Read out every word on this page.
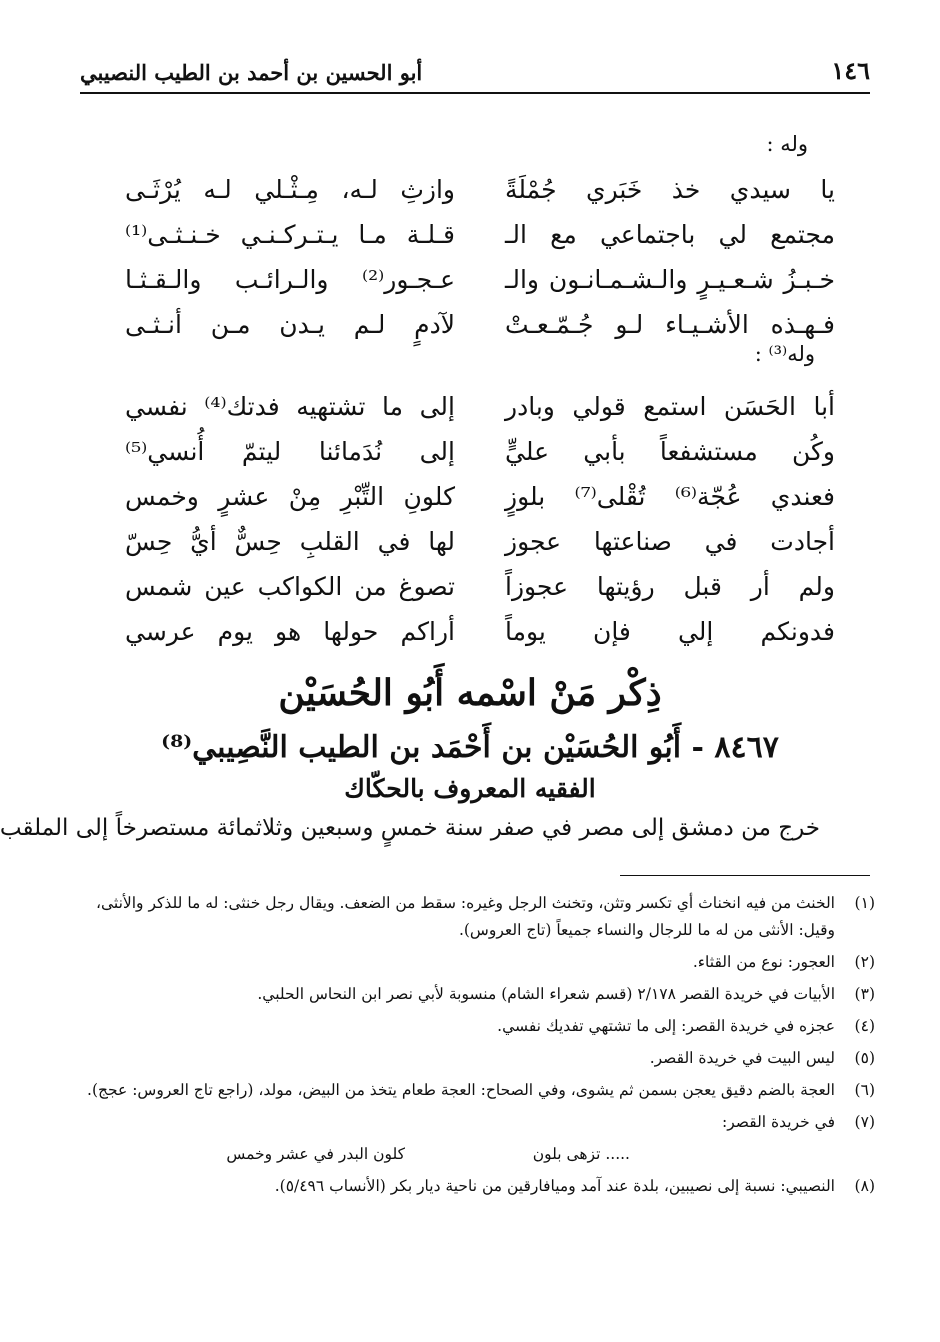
١٤٦
أبو الحسين بن أحمد بن الطيب النصيبي
وله :
يا سيدي خذ خَبَري جُمْلَةً
وازثِ لـه، مِـثْـلي لـه يُرْثَـى
مجتمع لي باجتماعي مع الـ
قـلـة مـا يـتـركـنـي خـنـثـى⁽¹⁾
خـبـزُ شـعـيـرٍ والـشـمـانـون والـ
عـجـور⁽²⁾ والـرائـب والـقـثـا
فـهـذه الأشـيـاء لـو جُـمّـعـتْ
لآدمٍ لـم يـدن مـن أنـثـى
وله⁽³⁾ :
أبا الحَسَن استمع قولي وبادر
إلى ما تشتهيه فدتك⁽⁴⁾ نفسي
وكُن مستشفعاً بأبي عليٍّ
إلى نُدَمائنا ليتمّ أُنسي⁽⁵⁾
فعندي عُجّة⁽⁶⁾ تُقْلى⁽⁷⁾ بلوزٍ
كلونِ التِّبْرِ مِنْ عشرٍ وخمس
أجادت في صناعتها عجوز
لها في القلبِ حِسٌّ أيُّ حِسّ
ولم أر قبل رؤيتها عجوزاً
تصوغ من الكواكب عين شمس
فدونكم إلي فإن يوماً
أراكم حولها هو يوم عرسي
ذِكْر مَنْ اسْمه أَبُو الحُسَيْن
٨٤٦٧ - أَبُو الحُسَيْن بن أَحْمَد بن الطيب النَّصِيبي⁽⁸⁾
الفقيه المعروف بالحكّاك
خرج من دمشق إلى مصر في صفر سنة خمسٍ وسبعين وثلاثمائة مستصرخاً إلى الملقب
(١)
الخنث من فيه انخناث أي تكسر وتثن، وتخنث الرجل وغيره: سقط من الضعف. ويقال رجل خنثى: له ما للذكر والأنثى، وقيل: الأنثى من له ما للرجال والنساء جميعاً (تاج العروس).
(٢)
العجور: نوع من القثاء.
(٣)
الأبيات في خريدة القصر ٢/١٧٨ (قسم شعراء الشام) منسوبة لأبي نصر ابن النحاس الحلبي.
(٤)
عجزه في خريدة القصر: إلى ما تشتهي تفديك نفسي.
(٥)
ليس البيت في خريدة القصر.
(٦)
العجة بالضم دقيق يعجن بسمن ثم يشوى، وفي الصحاح: العجة طعام يتخذ من البيض، مولد، (راجع تاج العروس: عجج).
(٧)
في خريدة القصر:
..... تزهى بلون
كلون البدر في عشر وخمس
(٨)
النصيبي: نسبة إلى نصيبين، بلدة عند آمد وميافارقين من ناحية ديار بكر (الأنساب ٥/٤٩٦).
